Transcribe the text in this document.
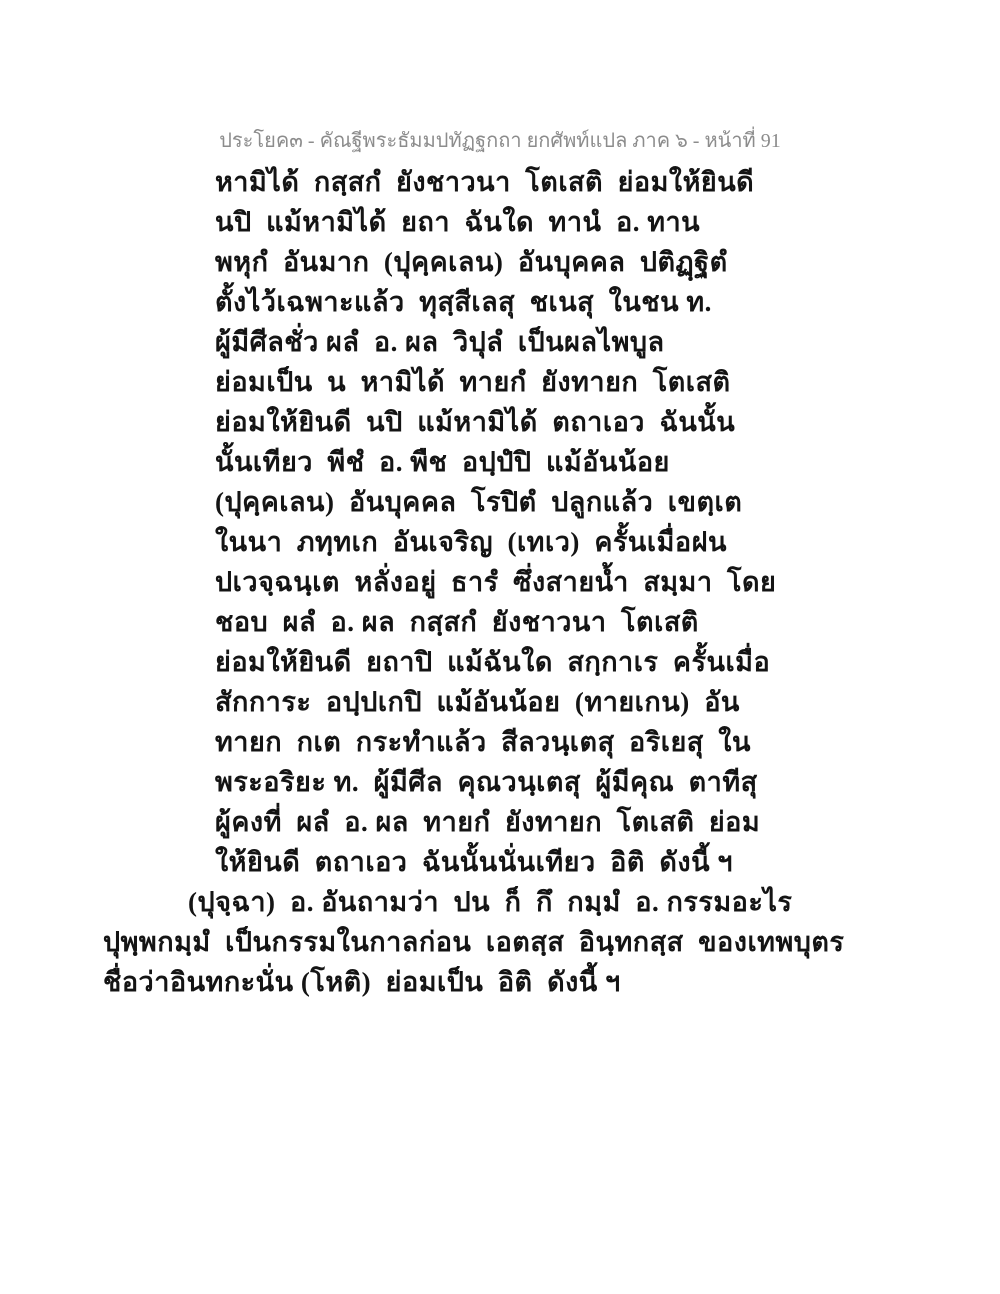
ประโยค๓ - คัณฐีพระธัมมปทัฏฐกถา ยกศัพท์แปล ภาค ๖ - หน้าที่ 91
หามิได้  กสฺสกํ  ยังชาวนา  โตเสติ  ย่อมให้ยินดี
นปิ  แม้หามิได้  ยถา  ฉันใด  ทานํ  อ. ทาน
พหุกํ  อันมาก  (ปุคฺคเลน)  อันบุคคล  ปติฏฺฐิตํ
ตั้งไว้เฉพาะแล้ว  ทุสฺสีเลสุ  ชเนสุ  ในชน ท.
ผู้มีศีลชั่ว ผลํ  อ. ผล  วิปุลํ  เป็นผลไพบูล
ย่อมเป็น  น  หามิได้  ทายกํ  ยังทายก  โตเสติ
ย่อมให้ยินดี  นปิ  แม้หามิได้  ตถาเอว  ฉันนั้น
นั้นเทียว  พีชํ  อ. พืช  อปฺปํปิ  แม้อันน้อย
(ปุคฺคเลน)  อันบุคคล  โรปิตํ  ปลูกแล้ว  เขตฺเต
ในนา  ภทฺทเก  อันเจริญ  (เทเว)  ครั้นเมื่อฝน
ปเวจฺฉนฺเต  หลั่งอยู่  ธารํ  ซึ่งสายน้ำ  สมฺมา  โดย
ชอบ  ผลํ  อ. ผล  กสฺสกํ  ยังชาวนา  โตเสติ
ย่อมให้ยินดี  ยถาปิ  แม้ฉันใด  สกฺกาเร  ครั้นเมื่อ
สักการะ  อปฺปเกปิ  แม้อันน้อย  (ทายเกน)  อัน
ทายก  กเต  กระทำแล้ว  สีลวนฺเตสุ  อริเยสุ  ใน
พระอริยะ ท.  ผู้มีศีล  คุณวนฺเตสุ  ผู้มีคุณ  ตาทีสุ
ผู้คงที่  ผลํ  อ. ผล  ทายกํ  ยังทายก  โตเสติ  ย่อม
ให้ยินดี  ตถาเอว  ฉันนั้นนั่นเทียว  อิติ  ดังนี้ ฯ
(ปุจฺฉา)  อ. อันถามว่า  ปน  ก็  กึ  กมฺมํ  อ. กรรมอะไร
ปุพฺพกมฺมํ  เป็นกรรมในกาลก่อน  เอตสฺส  อินฺทกสฺส  ของเทพบุตร
ชื่อว่าอินทกะนั่น (โหติ)  ย่อมเป็น  อิติ  ดังนี้ ฯ
